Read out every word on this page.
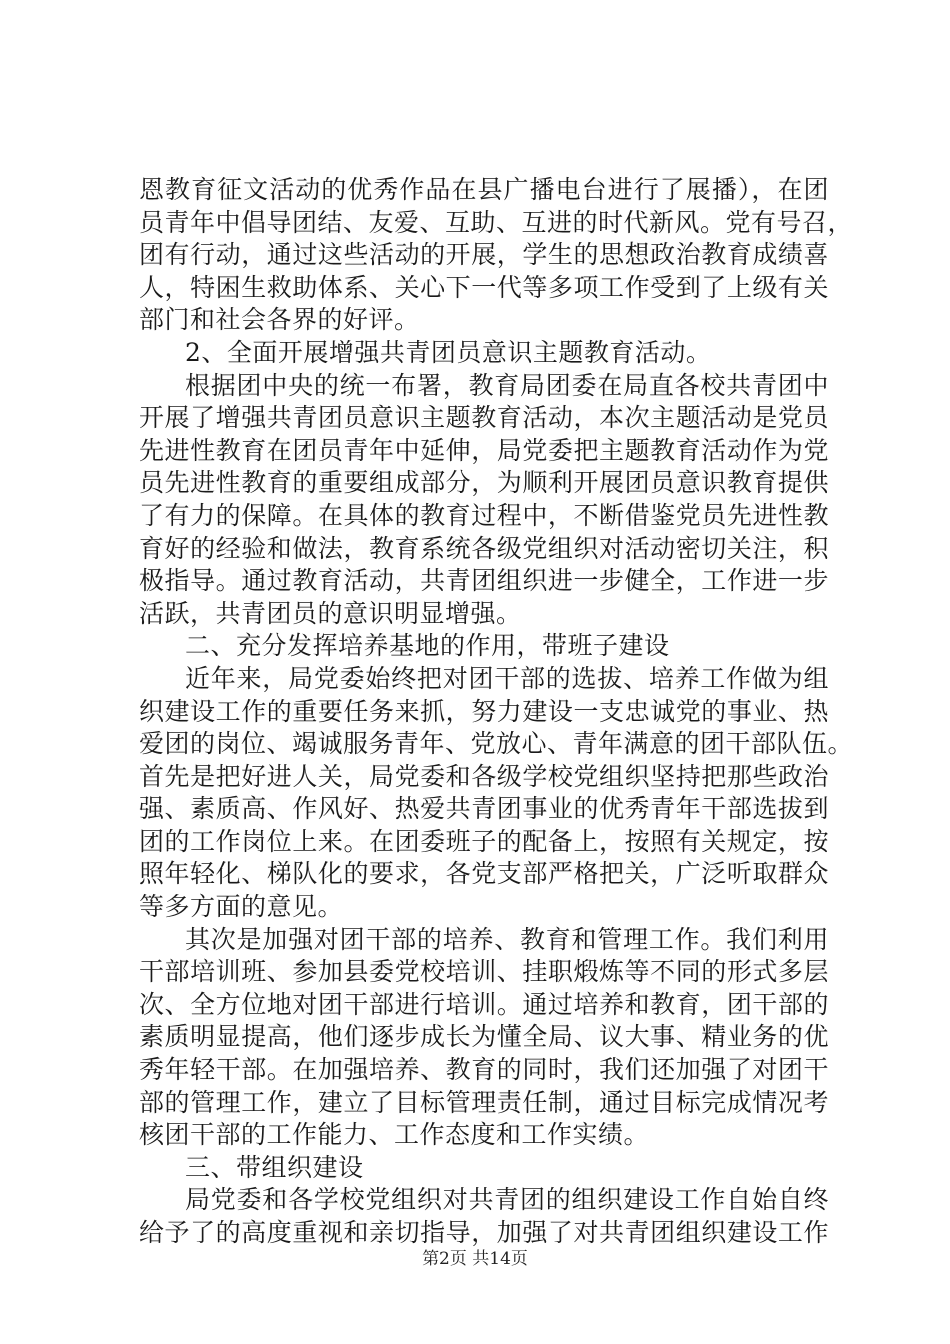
恩教育征文活动的优秀作品在县广播电台进行了展播），在团
员青年中倡导团结、友爱、互助、互进的时代新风。党有号召，
团有行动，通过这些活动的开展，学生的思想政治教育成绩喜
人，特困生救助体系、关心下一代等多项工作受到了上级有关
部门和社会各界的好评。
2、全面开展增强共青团员意识主题教育活动。
根据团中央的统一布署，教育局团委在局直各校共青团中
开展了增强共青团员意识主题教育活动，本次主题活动是党员
先进性教育在团员青年中延伸，局党委把主题教育活动作为党
员先进性教育的重要组成部分，为顺利开展团员意识教育提供
了有力的保障。在具体的教育过程中，不断借鉴党员先进性教
育好的经验和做法，教育系统各级党组织对活动密切关注，积
极指导。通过教育活动，共青团组织进一步健全，工作进一步
活跃，共青团员的意识明显增强。
二、充分发挥培养基地的作用，带班子建设
近年来，局党委始终把对团干部的选拔、培养工作做为组
织建设工作的重要任务来抓，努力建设一支忠诚党的事业、热
爱团的岗位、竭诚服务青年、党放心、青年满意的团干部队伍。
首先是把好进人关，局党委和各级学校党组织坚持把那些政治
强、素质高、作风好、热爱共青团事业的优秀青年干部选拔到
团的工作岗位上来。在团委班子的配备上，按照有关规定，按
照年轻化、梯队化的要求，各党支部严格把关，广泛听取群众
等多方面的意见。
其次是加强对团干部的培养、教育和管理工作。我们利用
干部培训班、参加县委党校培训、挂职煅炼等不同的形式多层
次、全方位地对团干部进行培训。通过培养和教育，团干部的
素质明显提高，他们逐步成长为懂全局、议大事、精业务的优
秀年轻干部。在加强培养、教育的同时，我们还加强了对团干
部的管理工作，建立了目标管理责任制，通过目标完成情况考
核团干部的工作能力、工作态度和工作实绩。
三、带组织建设
局党委和各学校党组织对共青团的组织建设工作自始自终
给予了的高度重视和亲切指导，加强了对共青团组织建设工作
第2页 共14页
